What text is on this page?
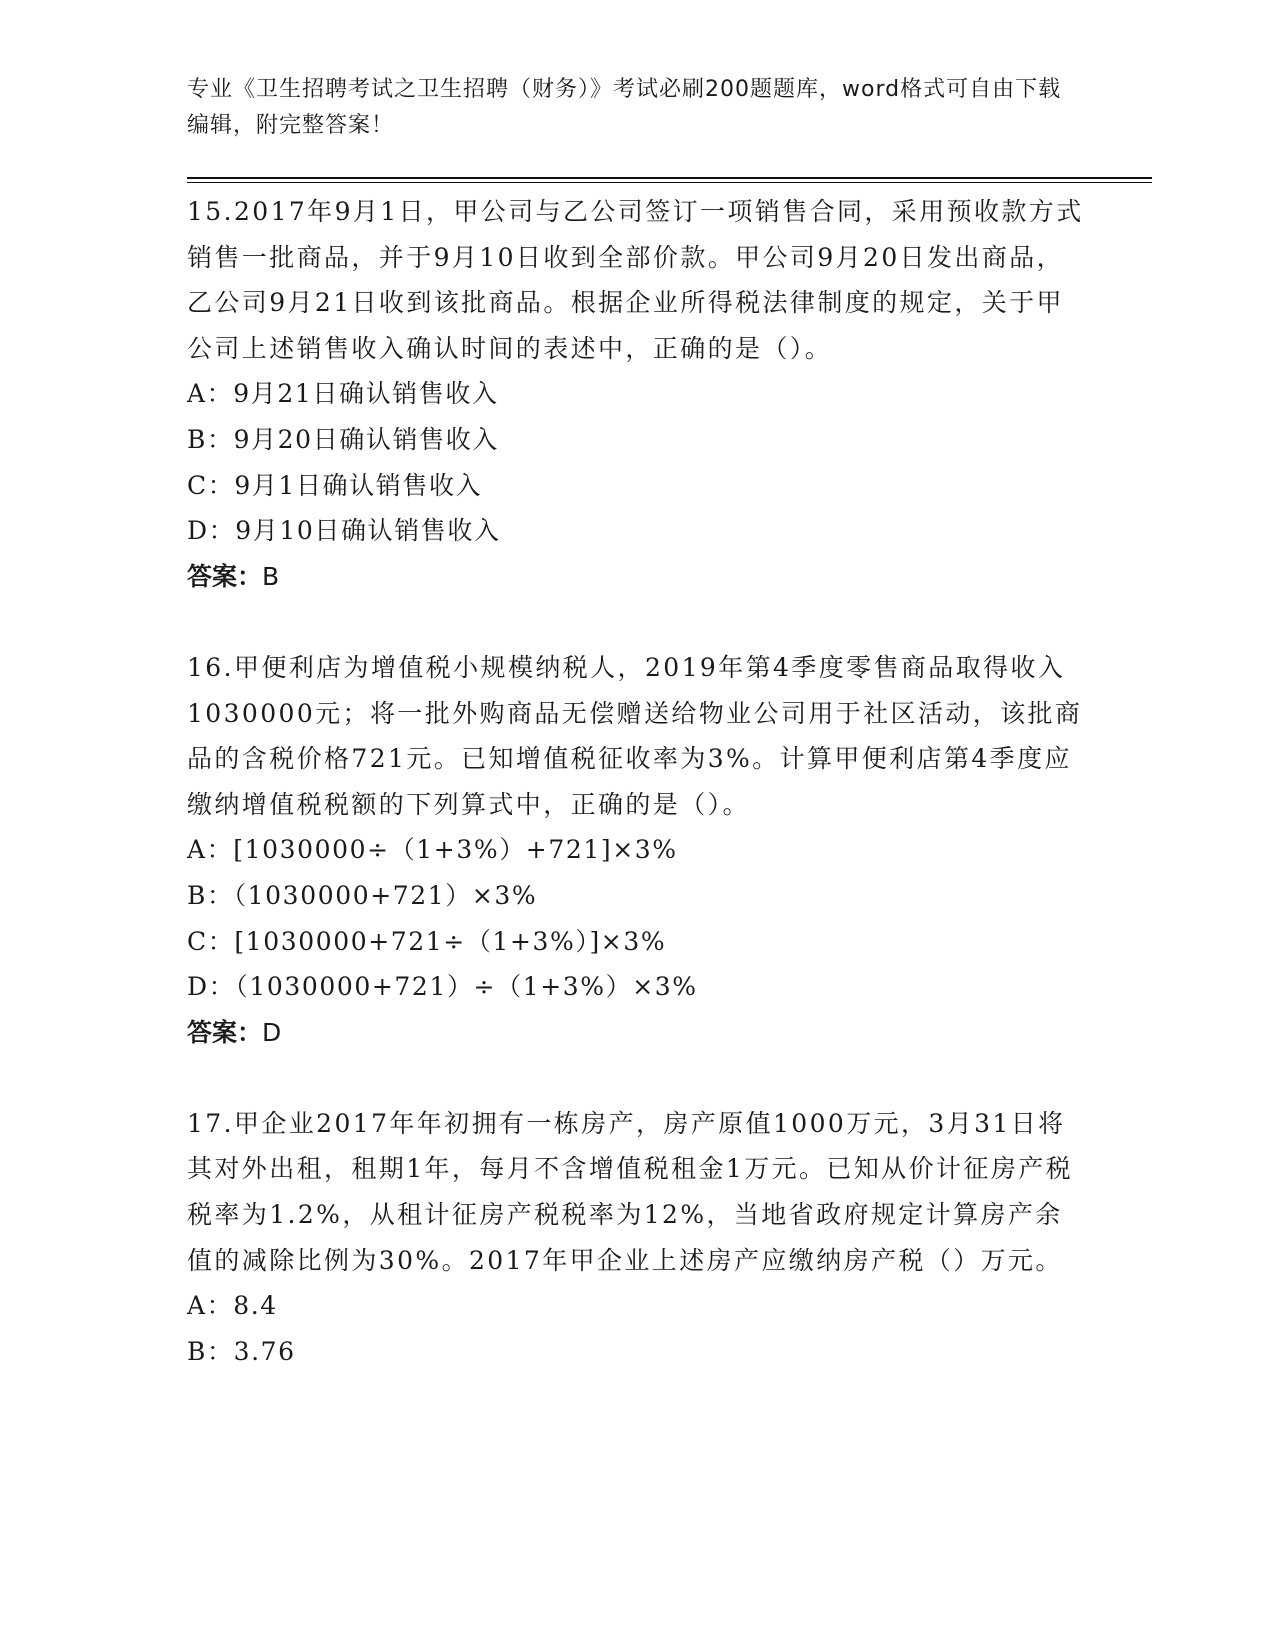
专业《卫生招聘考试之卫生招聘（财务）》考试必刷200题题库，word格式可自由下载编辑，附完整答案！

15.2017年9月1日，甲公司与乙公司签订一项销售合同，采用预收款方式销售一批商品，并于9月10日收到全部价款。甲公司9月20日发出商品，乙公司9月21日收到该批商品。根据企业所得税法律制度的规定，关于甲公司上述销售收入确认时间的表述中，正确的是（）。

A：9月21日确认销售收入

B：9月20日确认销售收入

C：9月1日确认销售收入

D：9月10日确认销售收入

答案：B

16.甲便利店为增值税小规模纳税人，2019年第4季度零售商品取得收入1030000元；将一批外购商品无偿赠送给物业公司用于社区活动，该批商品的含税价格721元。已知增值税征收率为3%。计算甲便利店第4季度应缴纳增值税税额的下列算式中，正确的是（）。

A：[1030000÷（1+3%）+721]×3%

B：（1030000+721）×3%

C：[1030000+721÷（1+3%）]×3%

D：（1030000+721）÷（1+3%）×3%

答案：D

17.甲企业2017年年初拥有一栋房产，房产原值1000万元，3月31日将其对外出租，租期1年，每月不含增值税租金1万元。已知从价计征房产税税率为1.2%，从租计征房产税税率为12%，当地省政府规定计算房产余值的减除比例为30%。2017年甲企业上述房产应缴纳房产税（）万元。

A：8.4

B：3.76
